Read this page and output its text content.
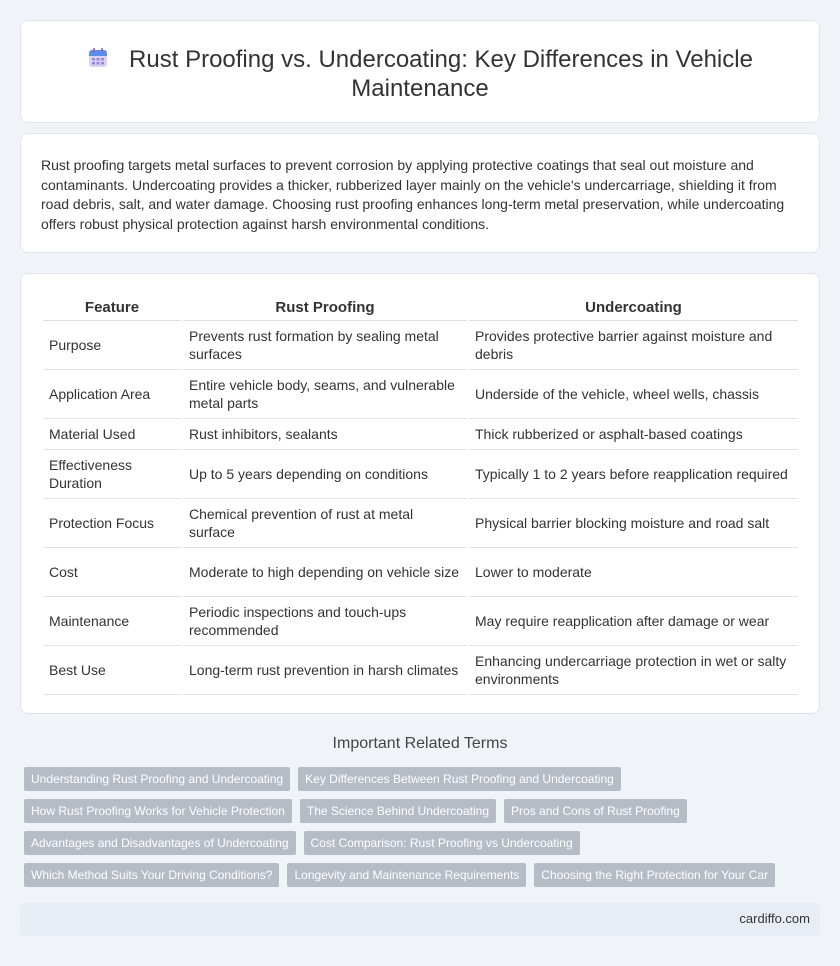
Rust Proofing vs. Undercoating: Key Differences in Vehicle Maintenance

Rust proofing targets metal surfaces to prevent corrosion by applying protective coatings that seal out moisture and contaminants. Undercoating provides a thicker, rubberized layer mainly on the vehicle's undercarriage, shielding it from road debris, salt, and water damage. Choosing rust proofing enhances long-term metal preservation, while undercoating offers robust physical protection against harsh environmental conditions.

Feature	Rust Proofing	Undercoating
Purpose	Prevents rust formation by sealing metal surfaces	Provides protective barrier against moisture and debris
Application Area	Entire vehicle body, seams, and vulnerable metal parts	Underside of the vehicle, wheel wells, chassis
Material Used	Rust inhibitors, sealants	Thick rubberized or asphalt-based coatings
Effectiveness Duration	Up to 5 years depending on conditions	Typically 1 to 2 years before reapplication required
Protection Focus	Chemical prevention of rust at metal surface	Physical barrier blocking moisture and road salt
Cost	Moderate to high depending on vehicle size	Lower to moderate
Maintenance	Periodic inspections and touch-ups recommended	May require reapplication after damage or wear
Best Use	Long-term rust prevention in harsh climates	Enhancing undercarriage protection in wet or salty environments
Important Related Terms
Understanding Rust Proofing and Undercoating	Key Differences Between Rust Proofing and Undercoating
How Rust Proofing Works for Vehicle Protection	The Science Behind Undercoating	Pros and Cons of Rust Proofing
Advantages and Disadvantages of Undercoating	Cost Comparison: Rust Proofing vs Undercoating
Which Method Suits Your Driving Conditions?	Longevity and Maintenance Requirements	Choosing the Right Protection for Your Car
cardiffo.com
